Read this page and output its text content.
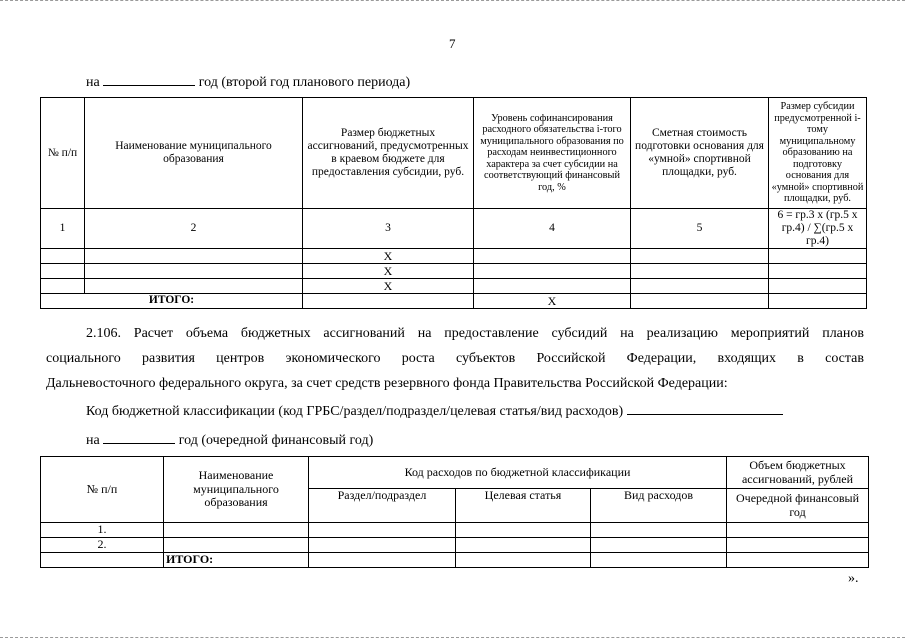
7
на	год (второй год планового периода)
№ п/п	Наименование муниципального образования	Размер бюджетных ассигнований, предусмотренных в краевом бюджете для предоставления субсидии, руб.	Уровень софинансирования расходного обязательства i-того муниципального образования по расходам неинвестиционного характера за счет субсидии на соответствующий финансовый год, %	Сметная стоимость подготовки основания для «умной» спортивной площадки, руб.	Размер субсидии предусмотренной i-тому муниципальному образованию на подготовку основания для «умной» спортивной площадки, руб.
1	2	3	4	5	6 = гр.3 x (гр.5 x гр.4) / ∑(гр.5 x гр.4)
		X			
		X			
		X			
ИТОГО:			X		
2.106. Расчет объема бюджетных ассигнований на предоставление субсидий на реализацию мероприятий планов
социального развития центров экономического роста субъектов Российской Федерации, входящих в состав
Дальневосточного федерального округа, за счет средств резервного фонда Правительства Российской Федерации:
Код бюджетной классификации (код ГРБС/раздел/подраздел/целевая статья/вид расходов)
на	год (очередной финансовый год)
№ п/п	Наименование муниципального образования	Код расходов по бюджетной классификации			Объем бюджетных ассигнований, рублей
		Раздел/подраздел	Целевая статья	Вид расходов	Очередной финансовый год
1.					
2.					
	ИТОГО:				
».
